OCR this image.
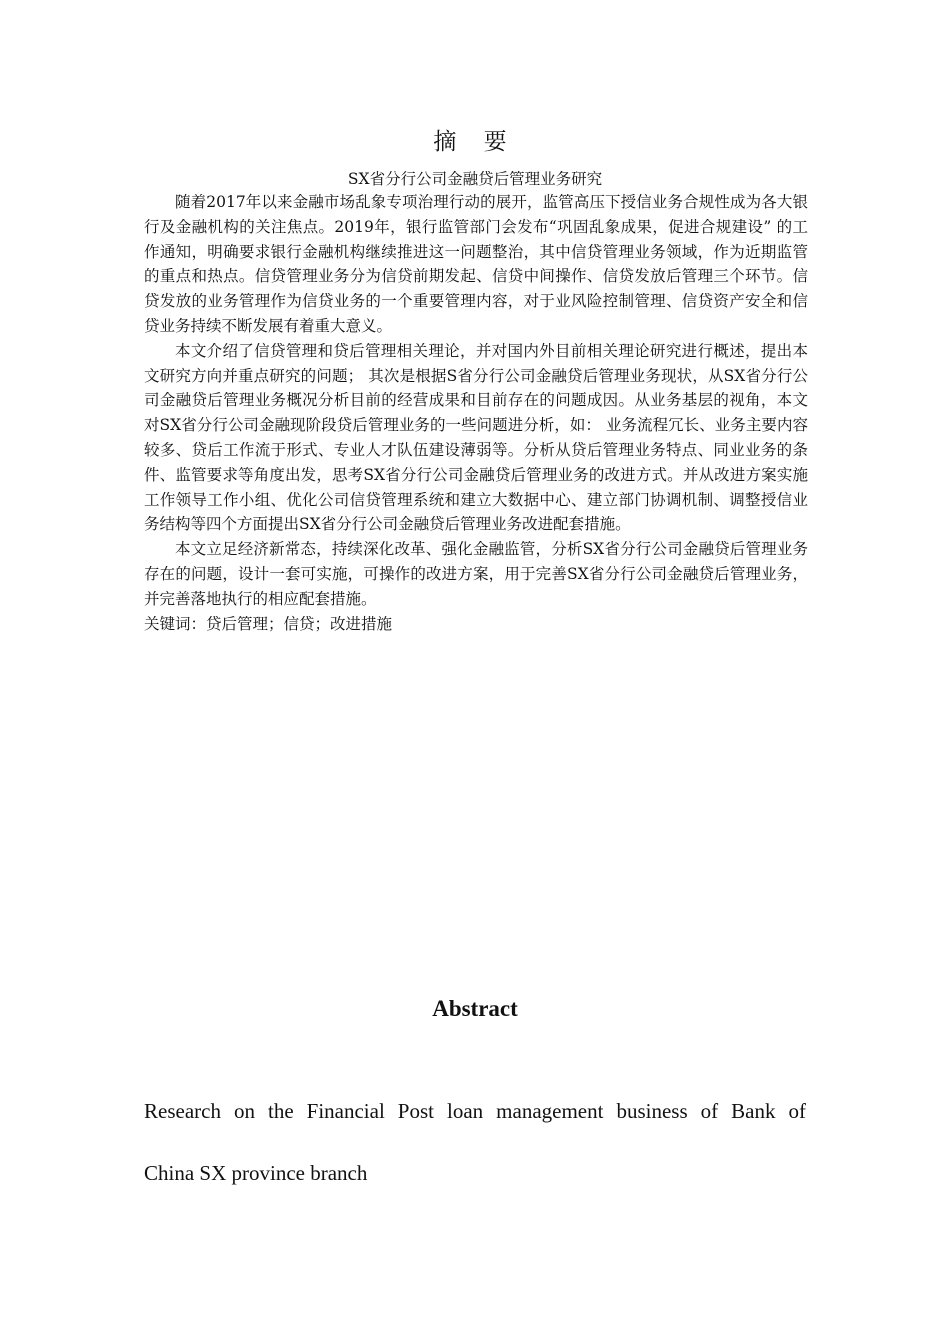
摘 要
SX省分行公司金融贷后管理业务研究

随着2017年以来金融市场乱象专项治理行动的展开，监管高压下授信业务合规性成为各大银行及金融机构的关注焦点。2019年，银行监管部门会发布“巩固乱象成果，促进合规建设” 的工作通知，明确要求银行金融机构继续推进这一问题整治，其中信贷管理业务领域，作为近期监管的重点和热点。信贷管理业务分为信贷前期发起、信贷中间操作、信贷发放后管理三个环节。信贷发放的业务管理作为信贷业务的一个重要管理内容，对于业风险控制管理、信贷资产安全和信贷业务持续不断发展有着重大意义。

本文介绍了信贷管理和贷后管理相关理论，并对国内外目前相关理论研究进行概述，提出本文研究方向并重点研究的问题； 其次是根据S省分行公司金融贷后管理业务现状，从SX省分行公司金融贷后管理业务概况分析目前的经营成果和目前存在的问题成因。从业务基层的视角，本文对SX省分行公司金融现阶段贷后管理业务的一些问题进分析，如： 业务流程冗长、业务主要内容较多、贷后工作流于形式、专业人才队伍建设薄弱等。分析从贷后管理业务特点、同业业务的条件、监管要求等角度出发，思考SX省分行公司金融贷后管理业务的改进方式。并从改进方案实施工作领导工作小组、优化公司信贷管理系统和建立大数据中心、建立部门协调机制、调整授信业务结构等四个方面提出SX省分行公司金融贷后管理业务改进配套措施。

本文立足经济新常态，持续深化改革、强化金融监管，分析SX省分行公司金融贷后管理业务存在的问题，设计一套可实施，可操作的改进方案，用于完善SX省分行公司金融贷后管理业务，并完善落地执行的相应配套措施。

关键词：贷后管理；信贷；改进措施

Abstract
Research on the Financial Post loan management business of Bank of
China SX province branch
